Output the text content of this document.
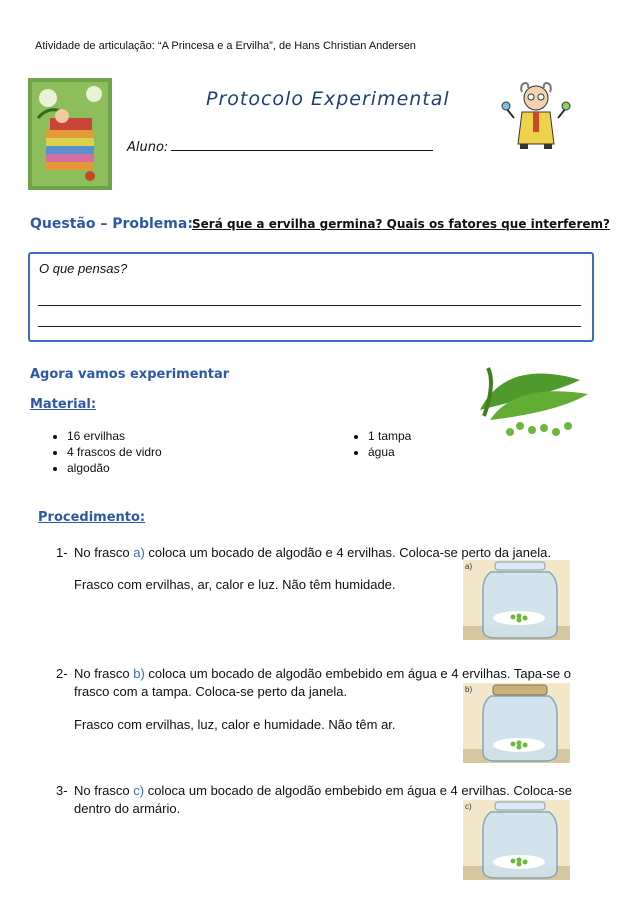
Atividade de articulação: “A Princesa e a Ervilha”, de Hans Christian Andersen
Protocolo Experimental
Aluno:
Questão – Problema: Será que a ervilha germina? Quais os fatores que interferem?
O que pensas?
Agora vamos experimentar
Material:
• 16 ervilhas
• 4 frascos de vidro
• algodão
• 1 tampa
• água
Procedimento:
1- No frasco a) coloca um bocado de algodão e 4 ervilhas. Coloca-se perto da janela.
Frasco com ervilhas, ar, calor e luz. Não têm humidade.
2- No frasco b) coloca um bocado de algodão embebido em água e 4 ervilhas. Tapa-se o
frasco com a tampa. Coloca-se perto da janela.
Frasco com ervilhas, luz, calor e humidade. Não têm ar.
3- No frasco c) coloca um bocado de algodão embebido em água e 4 ervilhas. Coloca-se
dentro do armário.
a)
b)
c)
